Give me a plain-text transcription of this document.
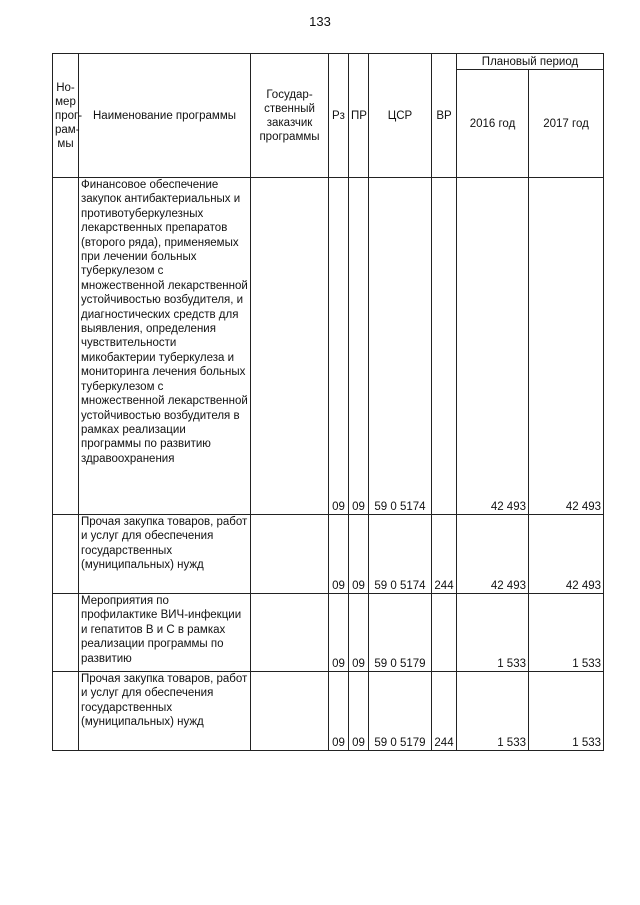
133
Но-мер прог-рам-мы	Наименование программы	Государ-ственный заказчик программы	Рз	ПР	ЦСР	ВР	Плановый период	
							2016 год	2017 год
	Финансовое обеспечение закупок антибактериальных и противотуберкулезных лекарственных препаратов (второго ряда), применяемых при лечении больных туберкулезом с множественной лекарственной устойчивостью возбудителя, и диагностических средств для выявления, определения чувствительности микобактерии туберкулеза и мониторинга лечения больных туберкулезом с множественной лекарственной устойчивостью возбудителя в рамках реализации программы по развитию здравоохранения		09	09	59 0 5174		42 493	42 493
	Прочая закупка товаров, работ и услуг для обеспечения государственных (муниципальных) нужд		09	09	59 0 5174	244	42 493	42 493
	Мероприятия по профилактике ВИЧ-инфекции и гепатитов В и С в рамках реализации программы по развитию		09	09	59 0 5179		1 533	1 533
	Прочая закупка товаров, работ и услуг для обеспечения государственных (муниципальных) нужд		09	09	59 0 5179	244	1 533	1 533
